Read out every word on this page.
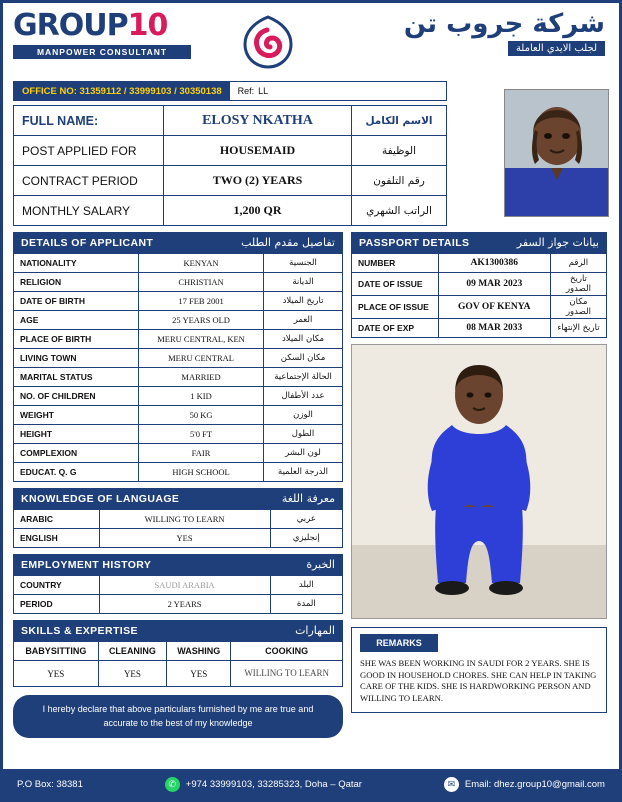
GROUP10
MANPOWER CONSULTANT
شركة جروب تن
لجلب الايدي العاملة
OFFICE NO: 31359112 / 33999103 / 30350138	Ref: LL
FULL NAME:	ELOSY NKATHA	الاسم الكامل
POST APPLIED FOR	HOUSEMAID	الوظيفة
CONTRACT PERIOD	TWO (2) YEARS	رقم التلفون
MONTHLY SALARY	1,200 QR	الراتب الشهري
DETAILS OF APPLICANT	تفاصيل مقدم الطلب
NATIONALITY	KENYAN	الجنسية
RELIGION	CHRISTIAN	الديانة
DATE OF BIRTH	17 FEB 2001	تاريخ الميلاد
AGE	25 YEARS OLD	العمر
PLACE OF BIRTH	MERU CENTRAL, KEN	مكان الميلاد
LIVING TOWN	MERU CENTRAL	مكان السكن
MARITAL STATUS	MARRIED	الحالة الإجتماعية
NO. OF CHILDREN	1 KID	عدد الأطفال
WEIGHT	50 KG	الوزن
HEIGHT	5'0 FT	الطول
COMPLEXION	FAIR	لون البشر
EDUCAT. Q. G	HIGH SCHOOL	الدرجة العلمية
KNOWLEDGE OF LANGUAGE	معرفة اللغة
ARABIC	WILLING TO LEARN	عربي
ENGLISH	YES	إنجليزي
EMPLOYMENT HISTORY	الخبرة
COUNTRY	SAUDI ARABIA	البلد
PERIOD	2 YEARS	المدة
SKILLS & EXPERTISE	المهارات
BABYSITTING	CLEANING	WASHING	COOKING
YES	YES	YES	WILLING TO LEARN
I hereby declare that above particulars furnished by me are true and accurate to the best of my knowledge
PASSPORT DETAILS	بيانات جواز السفر
NUMBER	AK1300386	الرقم
DATE OF ISSUE	09 MAR 2023	تاريخ الصدور
PLACE OF ISSUE	GOV OF KENYA	مكان الصدور
DATE OF EXP	08 MAR 2033	تاريخ الإنتهاء
REMARKS
SHE WAS BEEN WORKING IN SAUDI FOR 2 YEARS. SHE IS GOOD IN HOUSEHOLD CHORES. SHE CAN HELP IN TAKING CARE OF THE KIDS. SHE IS HARDWORKING PERSON AND WILLING TO LEARN.
P.O Box: 38381	✆	+974 33999103, 33285323, Doha – Qatar	✉	Email: dhez.group10@gmail.com
